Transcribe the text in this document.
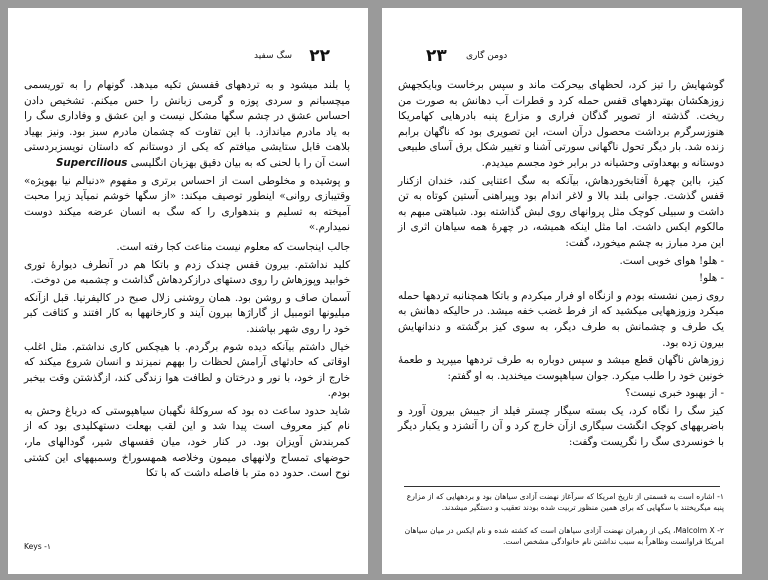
سگ سفید ۲۲

پا بلند میشود و به تردههای قفسش تکیه میدهد. گونهام را به توریسمی میچسبانم و سردی پوزه و گرمی زبانش را حس میکنم. تشخیص دادن احساس عشق در چشم سگها مشکل نیست و این عشق و وفاداری سگ را به یاد مادرم میاندازد. با این تفاوت که چشمان مادرم سبز بود. ونیز بهیاد بلاهت قابل ستایشی میافتم که یکی از دوستانم که داستان نویسزبردستی است آن را با لحنی که به بیان دقیق بهزبان انگلیسی Supercilious

و پوشیده و مخلوطی است از احساس برتری و مفهوم «دنبالم نیا بهویژه» وقتیبازی روانی» اینطور توصیف میکند: «از سگها خوشم نمیآید زیرا محبت آمیخته به تسلیم و بندهواری را که سگ به انسان عرضه میکند دوست نمیدارم.»

جالب اینجاست که معلوم نیست مناعت کجا رفته است.

کلید نداشتم. بیرون قفس چندک زدم و باتکا هم در آنطرف دیوارهٔ توری خوابید وپوزهاش را روی دستهای درازکردهاش گذاشت و چشمبه من دوخت.

آسمان صاف و روشن بود. همان روشنی زلال صبح در کالیفرنیا. قبل ازآنکه میلیونها اتومبیل از گاراژها بیرون آیند و کارخانهها به کار افتند و کثافت کبر خود را روی شهر بپاشند.

خیال داشتم بیآنکه دیده شوم برگردم. با هیچکس کاری نداشتم. مثل اغلب اوقاتی که حادثهای آرامش لحظات را بههم نمیزند و انسان شروع میکند که خارج از خود، با نور و درختان و لطافت هوا زندگی کند، ازگذشتن وقت بیخبر بودم.

شاید حدود ساعت ده بود که سروکلهٔ نگهبان سیاهپوستی که درباغ وحش به نام کیز معروف است پیدا شد و این لقب بهعلت دستهکلیدی بود که از کمربندش آویزان بود. در کنار خود، میان قفسهای شیر، گودالهای مار، حوضهای تمساح ولانههای میمون وخلاصه همهسوراخ وسمبههای این کشتی نوح است. حدود ده متر با فاصله داشت که با تکا

Keys -۱
۲۳ دومن گاری

گوشهایش را تیز کرد، لحظهای بیحرکت ماند و سپس برخاست وبایکجهش زوزهکشان بهتردههای قفس حمله کرد و قطرات آب دهانش به صورت من ریخت. گذشته از تصویر گذگان فراری و مزارع پنبه بادرهایی کهامریکا هنوزسرگرم برداشت محصول درآن است، این تصویری بود که ناگهان برابم زنده شد. بار دیگر تحول ناگهانی سورتی آشنا و تغییر شکل برق آسای طبیعی دوستانه و بهعداوتی وحشیانه در برابر خود مجسم میدیدم.

کیز، بااین چهرهٔ آفتابخوردهاش، بیآنکه به سگ اعتنایی کند، خندان ازکنار قفس گذشت. جوانی بلند بالا و لاغر اندام بود وپیراهنی آستین کوتاه به تن داشت و سبیلی کوچک مثل پروانهای روی لبش گذاشته بود. شباهتی مبهم به مالکوم ایکس داشت. اما مثل اینکه همیشه، در چهرهٔ همه سیاهان اثری از این مرد مبارز به چشم میخورد، گفت:

- هلو! هوای خوبی است.

- هلو!

روی زمین نشسته بودم و ازنگاه او فرار میکردم و باتکا همچنانبه تردهها حمله میکرد وزوزههایی میکشید که از فرط غضب خفه میشد. در حالیکه دهانش به یک طرف و چشمانش به طرف دیگر، به سوی کیز برگشته و دندانهایش بیرون زده بود.

زوزهاش ناگهان قطع میشد و سپس دوباره به طرف تردهها میپرید و طعمهٔ خونین خود را طلب میکرد. جوان سیاهپوست میخندید. به او گفتم:

- از بهبود خبری نیست؟

کیز سگ را نگاه کرد، یک بسته سیگار چستر فیلد از جیبش بیرون آورد و باضربههای کوچک انگشت سیگاری ازآن خارج کرد و آن را آتشزد و یکبار دیگر با خونسردی سگ را نگریست وگفت:

۱- اشاره است به قسمتی از تاریخ امریکا که سرآغاز نهضت آزادی سیاهان بود و بردههایی که از مزارع پنبه میگریختند با سگهایی که برای همین منظور تربیت شده بودند تعقیب و دستگیر میشدند.
۲- Malcolm X، یکی از رهبران نهضت آزادی سیاهان است که کشته شده و نام ایکس در میان سیاهان امریکا فراوانست وظاهراً به سبب نداشتن نام خانوادگی مشخص است.
